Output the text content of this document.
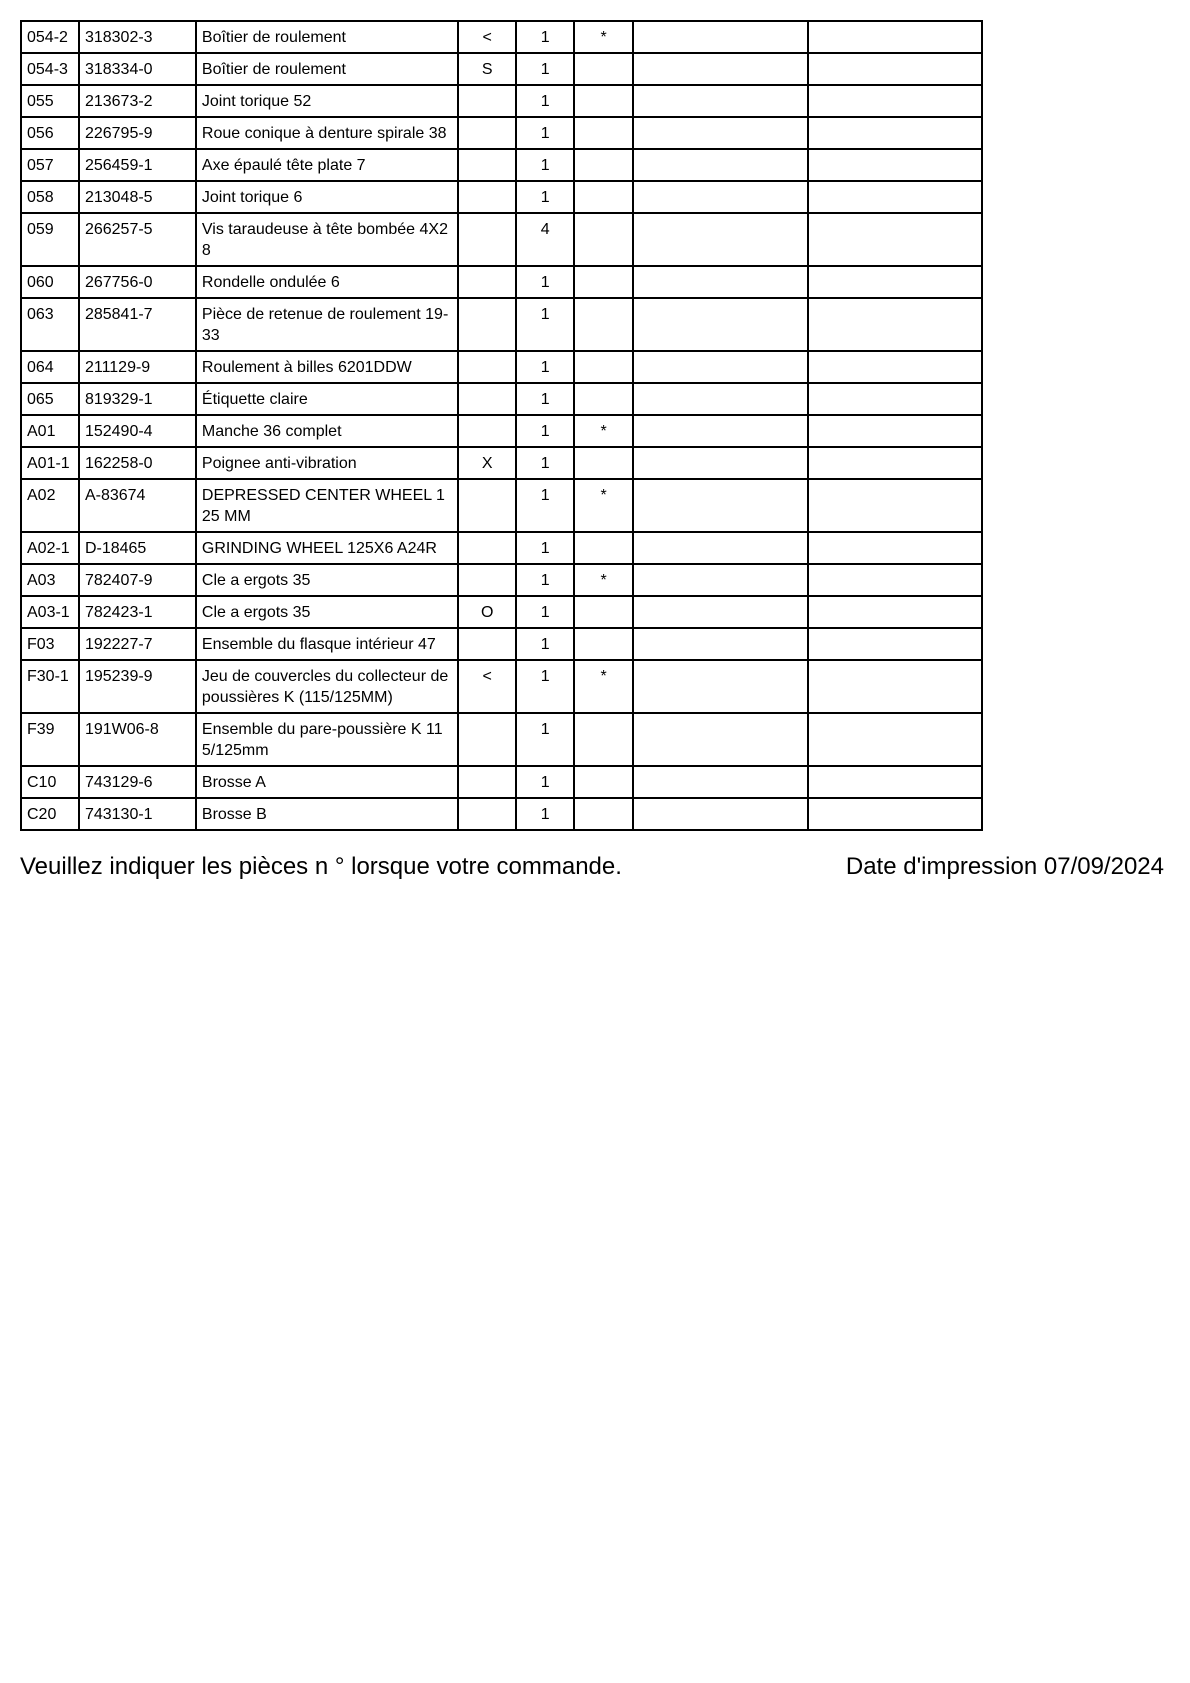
054-2	318302-3	Boîtier de roulement	<	1	*		
054-3	318334-0	Boîtier de roulement	S	1			
055	213673-2	Joint torique 52		1			
056	226795-9	Roue conique à denture spirale 38		1			
057	256459-1	Axe épaulé tête plate 7		1			
058	213048-5	Joint torique 6		1			
059	266257-5	Vis taraudeuse à tête bombée 4X28		4			
060	267756-0	Rondelle ondulée 6		1			
063	285841-7	Pièce de retenue de roulement 19-33		1			
064	211129-9	Roulement à billes 6201DDW		1			
065	819329-1	Étiquette claire		1			
A01	152490-4	Manche 36 complet		1	*		
A01-1	162258-0	Poignee anti-vibration	X	1			
A02	A-83674	DEPRESSED CENTER WHEEL 125 MM		1	*		
A02-1	D-18465	GRINDING WHEEL 125X6 A24R		1			
A03	782407-9	Cle a ergots 35		1	*		
A03-1	782423-1	Cle a ergots 35	O	1			
F03	192227-7	Ensemble du flasque intérieur 47		1			
F30-1	195239-9	Jeu de couvercles du collecteur de poussières K (115/125MM)	<	1	*		
F39	191W06-8	Ensemble du pare-poussière K 115/125mm		1			
C10	743129-6	Brosse A		1			
C20	743130-1	Brosse B		1			
Veuillez indiquer les pièces n ° lorsque votre commande.	Date d'impression 07/09/2024
